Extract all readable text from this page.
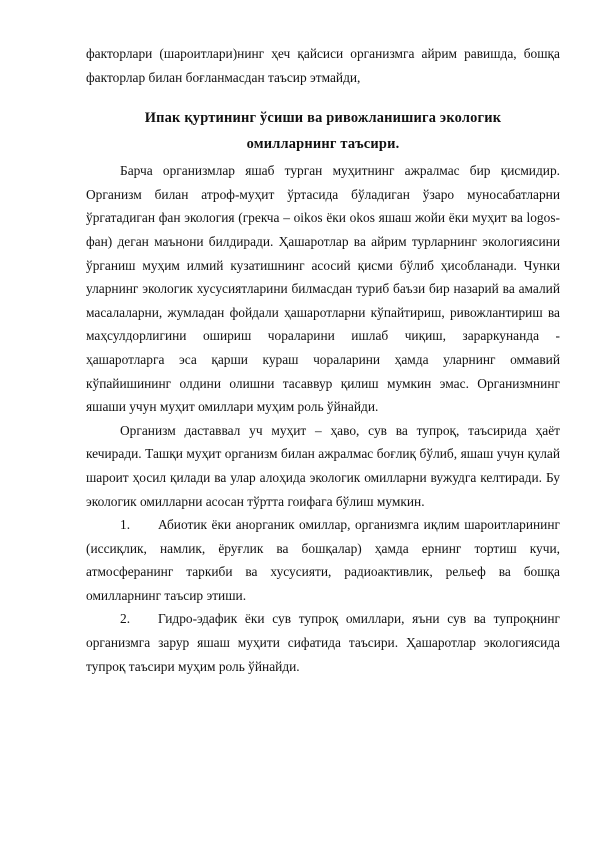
факторлари (шароитлари)нинг ҳеч қайсиси организмга айрим равишда, бошқа факторлар билан боғланмасдан таъсир этмайди,

Ипак қуртининг ўсиши ва ривожланишига экологик
омилларнинг таъсири.

Барча организмлар яшаб турган муҳитнинг ажралмас бир қисмидир. Организм билан атроф-муҳит ўртасида бўладиган ўзаро муносабатларни ўргатадиган фан экология (грекча – oikos ёки okos яшаш жойи ёки муҳит ва logos-фан) деган маънони билдиради. Ҳашаротлар ва айрим турларнинг экологиясини ўрганиш муҳим илмий кузатишнинг асосий қисми бўлиб ҳисобланади. Чунки уларнинг экологик хусусиятларини билмасдан туриб баъзи бир назарий ва амалий масалаларни, жумладан фойдали ҳашаротларни кўпайтириш, ривожлантириш ва маҳсулдорлигини ошириш чораларини ишлаб чиқиш, зараркунанда - ҳашаротларга эса қарши кураш чораларини ҳамда уларнинг оммавий кўпайишининг олдини олишни тасаввур қилиш мумкин эмас. Организмнинг яшаши учун муҳит омиллари муҳим роль ўйнайди.

Организм даставвал уч муҳит – ҳаво, сув ва тупроқ, таъсирида ҳаёт кечиради. Ташқи муҳит организм билан ажралмас боғлиқ бўлиб, яшаш учун қулай шароит ҳосил қилади ва улар алоҳида экологик омилларни вужудга келтиради. Бу экологик омилларни асосан тўртта гоифага бўлиш мумкин.

1. Абиотик ёки анорганик омиллар, организмга иқлим шароитларининг (иссиқлик, намлик, ёруғлик ва бошқалар) ҳамда ернинг тортиш кучи, атмосферанинг таркиби ва хусусияти, радиоактивлик, рельеф ва бошқа омилларнинг таъсир этиши.

2. Гидро-эдафик ёки сув тупроқ омиллари, яъни сув ва тупроқнинг организмга зарур яшаш муҳити сифатида таъсири. Ҳашаротлар экологиясида тупроқ таъсири муҳим роль ўйнайди.
